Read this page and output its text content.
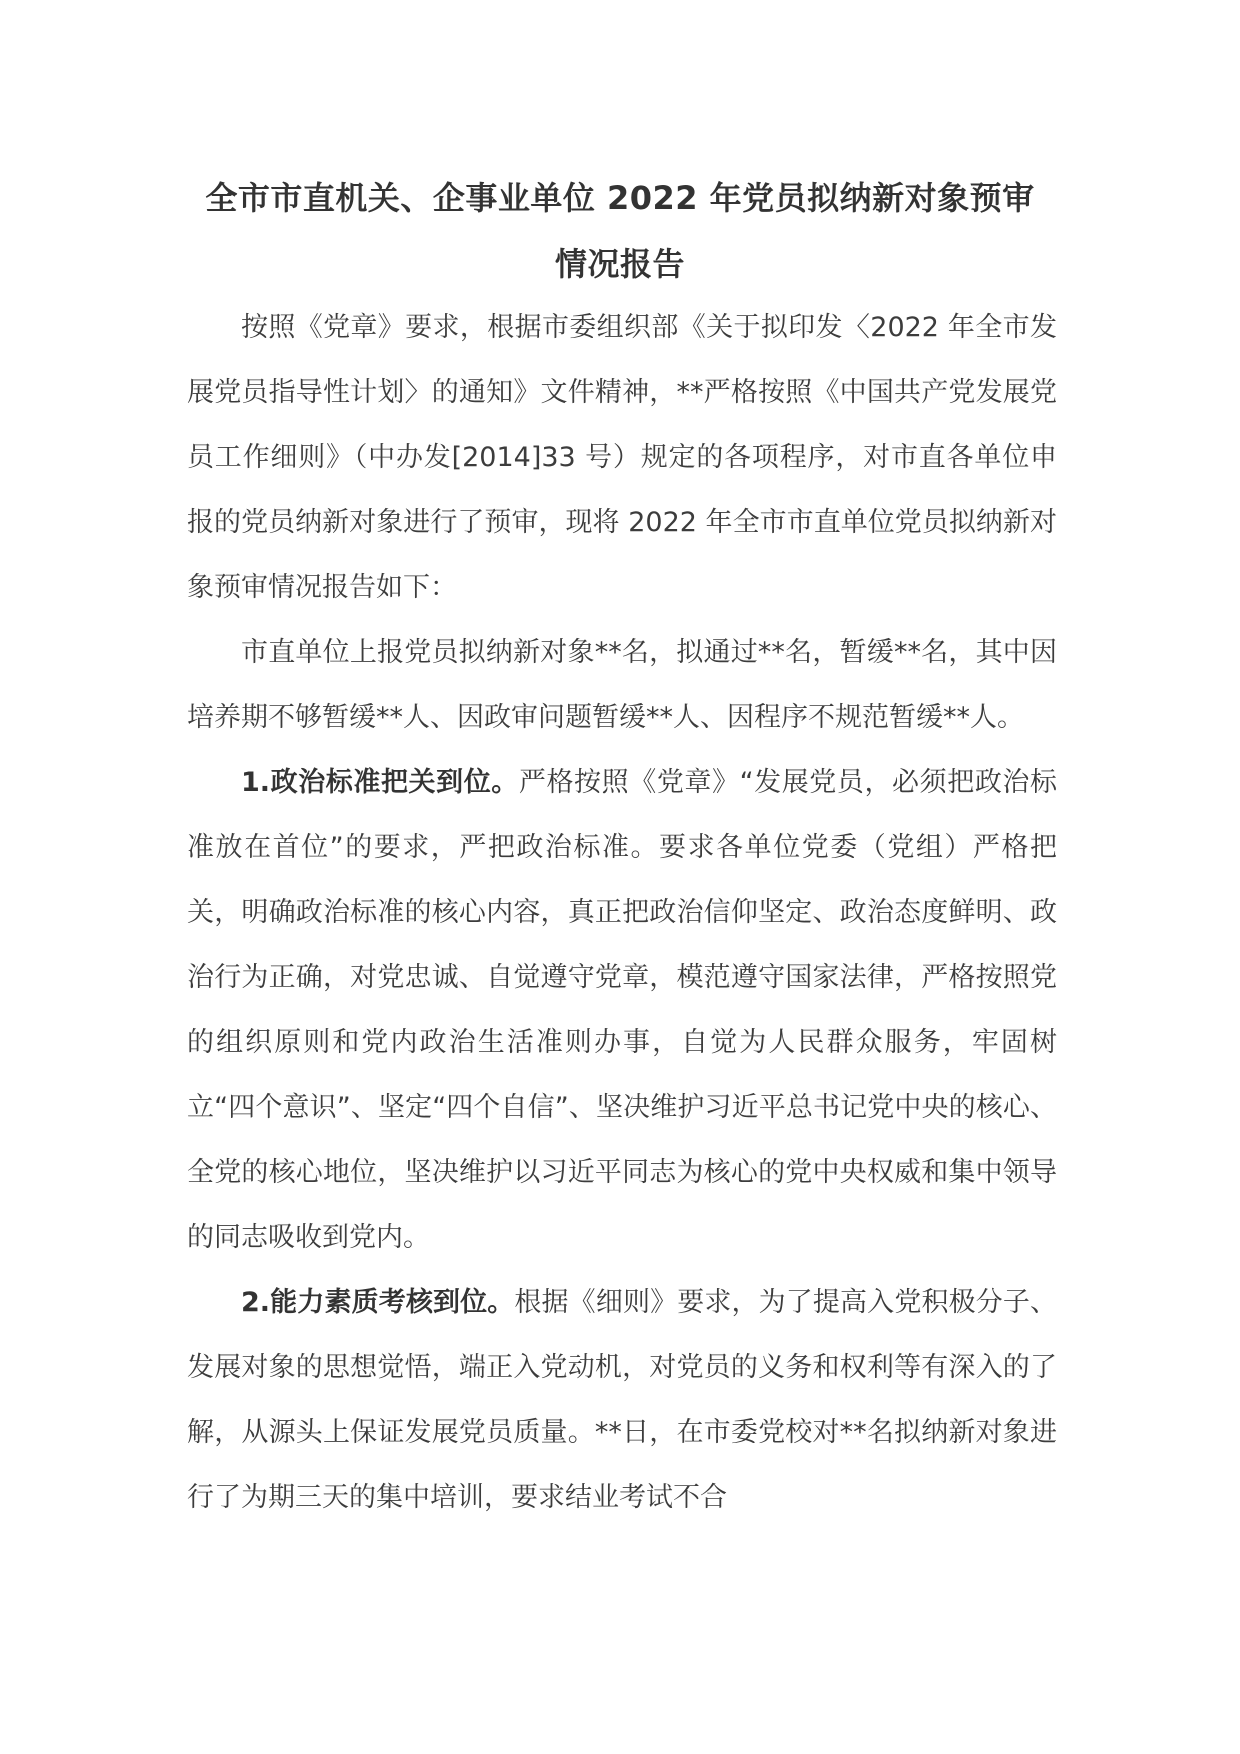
全市市直机关、企事业单位 2022 年党员拟纳新对象预审
情况报告

按照《党章》要求，根据市委组织部《关于拟印发〈2022 年全市发展党员指导性计划〉的通知》文件精神，**严格按照《中国共产党发展党员工作细则》（中办发[2014]33 号）规定的各项程序，对市直各单位申报的党员纳新对象进行了预审，现将 2022 年全市市直单位党员拟纳新对象预审情况报告如下：

市直单位上报党员拟纳新对象**名，拟通过**名，暂缓**名，其中因培养期不够暂缓**人、因政审问题暂缓**人、因程序不规范暂缓**人。

1.政治标准把关到位。严格按照《党章》“发展党员，必须把政治标准放在首位”的要求，严把政治标准。要求各单位党委（党组）严格把关，明确政治标准的核心内容，真正把政治信仰坚定、政治态度鲜明、政治行为正确，对党忠诚、自觉遵守党章，模范遵守国家法律，严格按照党的组织原则和党内政治生活准则办事，自觉为人民群众服务，牢固树立“四个意识”、坚定“四个自信”、坚决维护习近平总书记党中央的核心、全党的核心地位，坚决维护以习近平同志为核心的党中央权威和集中领导的同志吸收到党内。

2.能力素质考核到位。根据《细则》要求，为了提高入党积极分子、发展对象的思想觉悟，端正入党动机，对党员的义务和权利等有深入的了解，从源头上保证发展党员质量。**日，在市委党校对**名拟纳新对象进行了为期三天的集中培训，要求结业考试不合
